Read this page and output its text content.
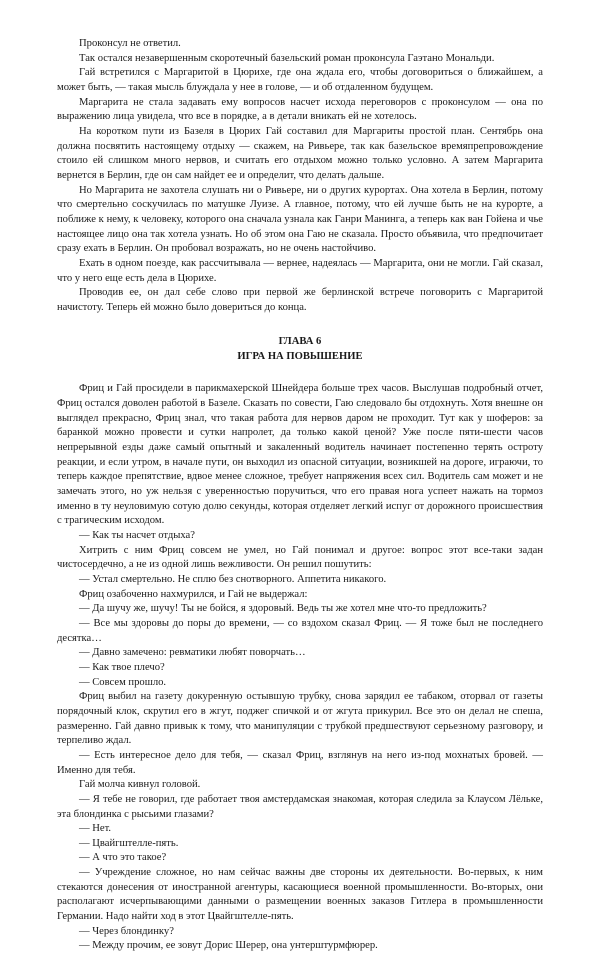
Проконсул не ответил.

Так остался незавершенным скоротечный базельский роман проконсула Гаэтано Мональди.

Гай встретился с Маргаритой в Цюрихе, где она ждала его, чтобы договориться о ближайшем, а может быть, — такая мысль блуждала у нее в голове, — и об отдаленном будущем.

Маргарита не стала задавать ему вопросов насчет исхода переговоров с проконсулом — она по выражению лица увидела, что все в порядке, а в детали вникать ей не хотелось.

На коротком пути из Базеля в Цюрих Гай составил для Маргариты простой план. Сентябрь она должна посвятить настоящему отдыху — скажем, на Ривьере, так как базельское времяпрепровождение стоило ей слишком много нервов, и считать его отдыхом можно только условно. А затем Маргарита вернется в Берлин, где он сам найдет ее и определит, что делать дальше.

Но Маргарита не захотела слушать ни о Ривьере, ни о других курортах. Она хотела в Берлин, потому что смертельно соскучилась по матушке Луизе. А главное, потому, что ей лучше быть не на курорте, а поближе к нему, к человеку, которого она сначала узнала как Ганри Манинга, а теперь как ван Гойена и чье настоящее лицо она так хотела узнать. Но об этом она Гаю не сказала. Просто объявила, что предпочитает сразу ехать в Берлин. Он пробовал возражать, но не очень настойчиво.

Ехать в одном поезде, как рассчитывала — вернее, надеялась — Маргарита, они не могли. Гай сказал, что у него еще есть дела в Цюрихе.

Проводив ее, он дал себе слово при первой же берлинской встрече поговорить с Маргаритой начистоту. Теперь ей можно было довериться до конца.

ГЛАВА 6
ИГРА НА ПОВЫШЕНИЕ

Фриц и Гай просидели в парикмахерской Шнейдера больше трех часов. Выслушав подробный отчет, Фриц остался доволен работой в Базеле. Сказать по совести, Гаю следовало бы отдохнуть. Хотя внешне он выглядел прекрасно, Фриц знал, что такая работа для нервов даром не проходит. Тут как у шоферов: за баранкой можно провести и сутки напролет, да только какой ценой? Уже после пяти-шести часов непрерывной езды даже самый опытный и закаленный водитель начинает постепенно терять остроту реакции, и если утром, в начале пути, он выходил из опасной ситуации, возникшей на дороге, играючи, то теперь каждое препятствие, вдвое менее сложное, требует напряжения всех сил. Водитель сам может и не замечать этого, но уж нельзя с уверенностью поручиться, что его правая нога успеет нажать на тормоз именно в ту неуловимую сотую долю секунды, которая отделяет легкий испуг от дорожного происшествия с трагическим исходом.

— Как ты насчет отдыха?

Хитрить с ним Фриц совсем не умел, но Гай понимал и другое: вопрос этот все-таки задан чистосердечно, а не из одной лишь вежливости. Он решил пошутить:

— Устал смертельно. Не сплю без снотворного. Аппетита никакого.

Фриц озабоченно нахмурился, и Гай не выдержал:

— Да шучу же, шучу! Ты не бойся, я здоровый. Ведь ты же хотел мне что-то предложить?

— Все мы здоровы до поры до времени, — со вздохом сказал Фриц. — Я тоже был не последнего десятка…

— Давно замечено: ревматики любят поворчать…

— Как твое плечо?

— Совсем прошло.

Фриц выбил на газету докуренную остывшую трубку, снова зарядил ее табаком, оторвал от газеты порядочный клок, скрутил его в жгут, поджег спичкой и от жгута прикурил. Все это он делал не спеша, размеренно. Гай давно привык к тому, что манипуляции с трубкой предшествуют серьезному разговору, и терпеливо ждал.

— Есть интересное дело для тебя, — сказал Фриц, взглянув на него из-под мохнатых бровей. — Именно для тебя.

Гай молча кивнул головой.

— Я тебе не говорил, где работает твоя амстердамская знакомая, которая следила за Клаусом Лёльке, эта блондинка с рысьими глазами?

— Нет.

— Цвайгштелле-пять.

— А что это такое?

— Учреждение сложное, но нам сейчас важны две стороны их деятельности. Во-первых, к ним стекаются донесения от иностранной агентуры, касающиеся военной промышленности. Во-вторых, они располагают исчерпывающими данными о размещении военных заказов Гитлера в промышленности Германии. Надо найти ход в этот Цвайгштелле-пять.

— Через блондинку?

— Между прочим, ее зовут Дорис Шерер, она унтерштурмфюрер.
